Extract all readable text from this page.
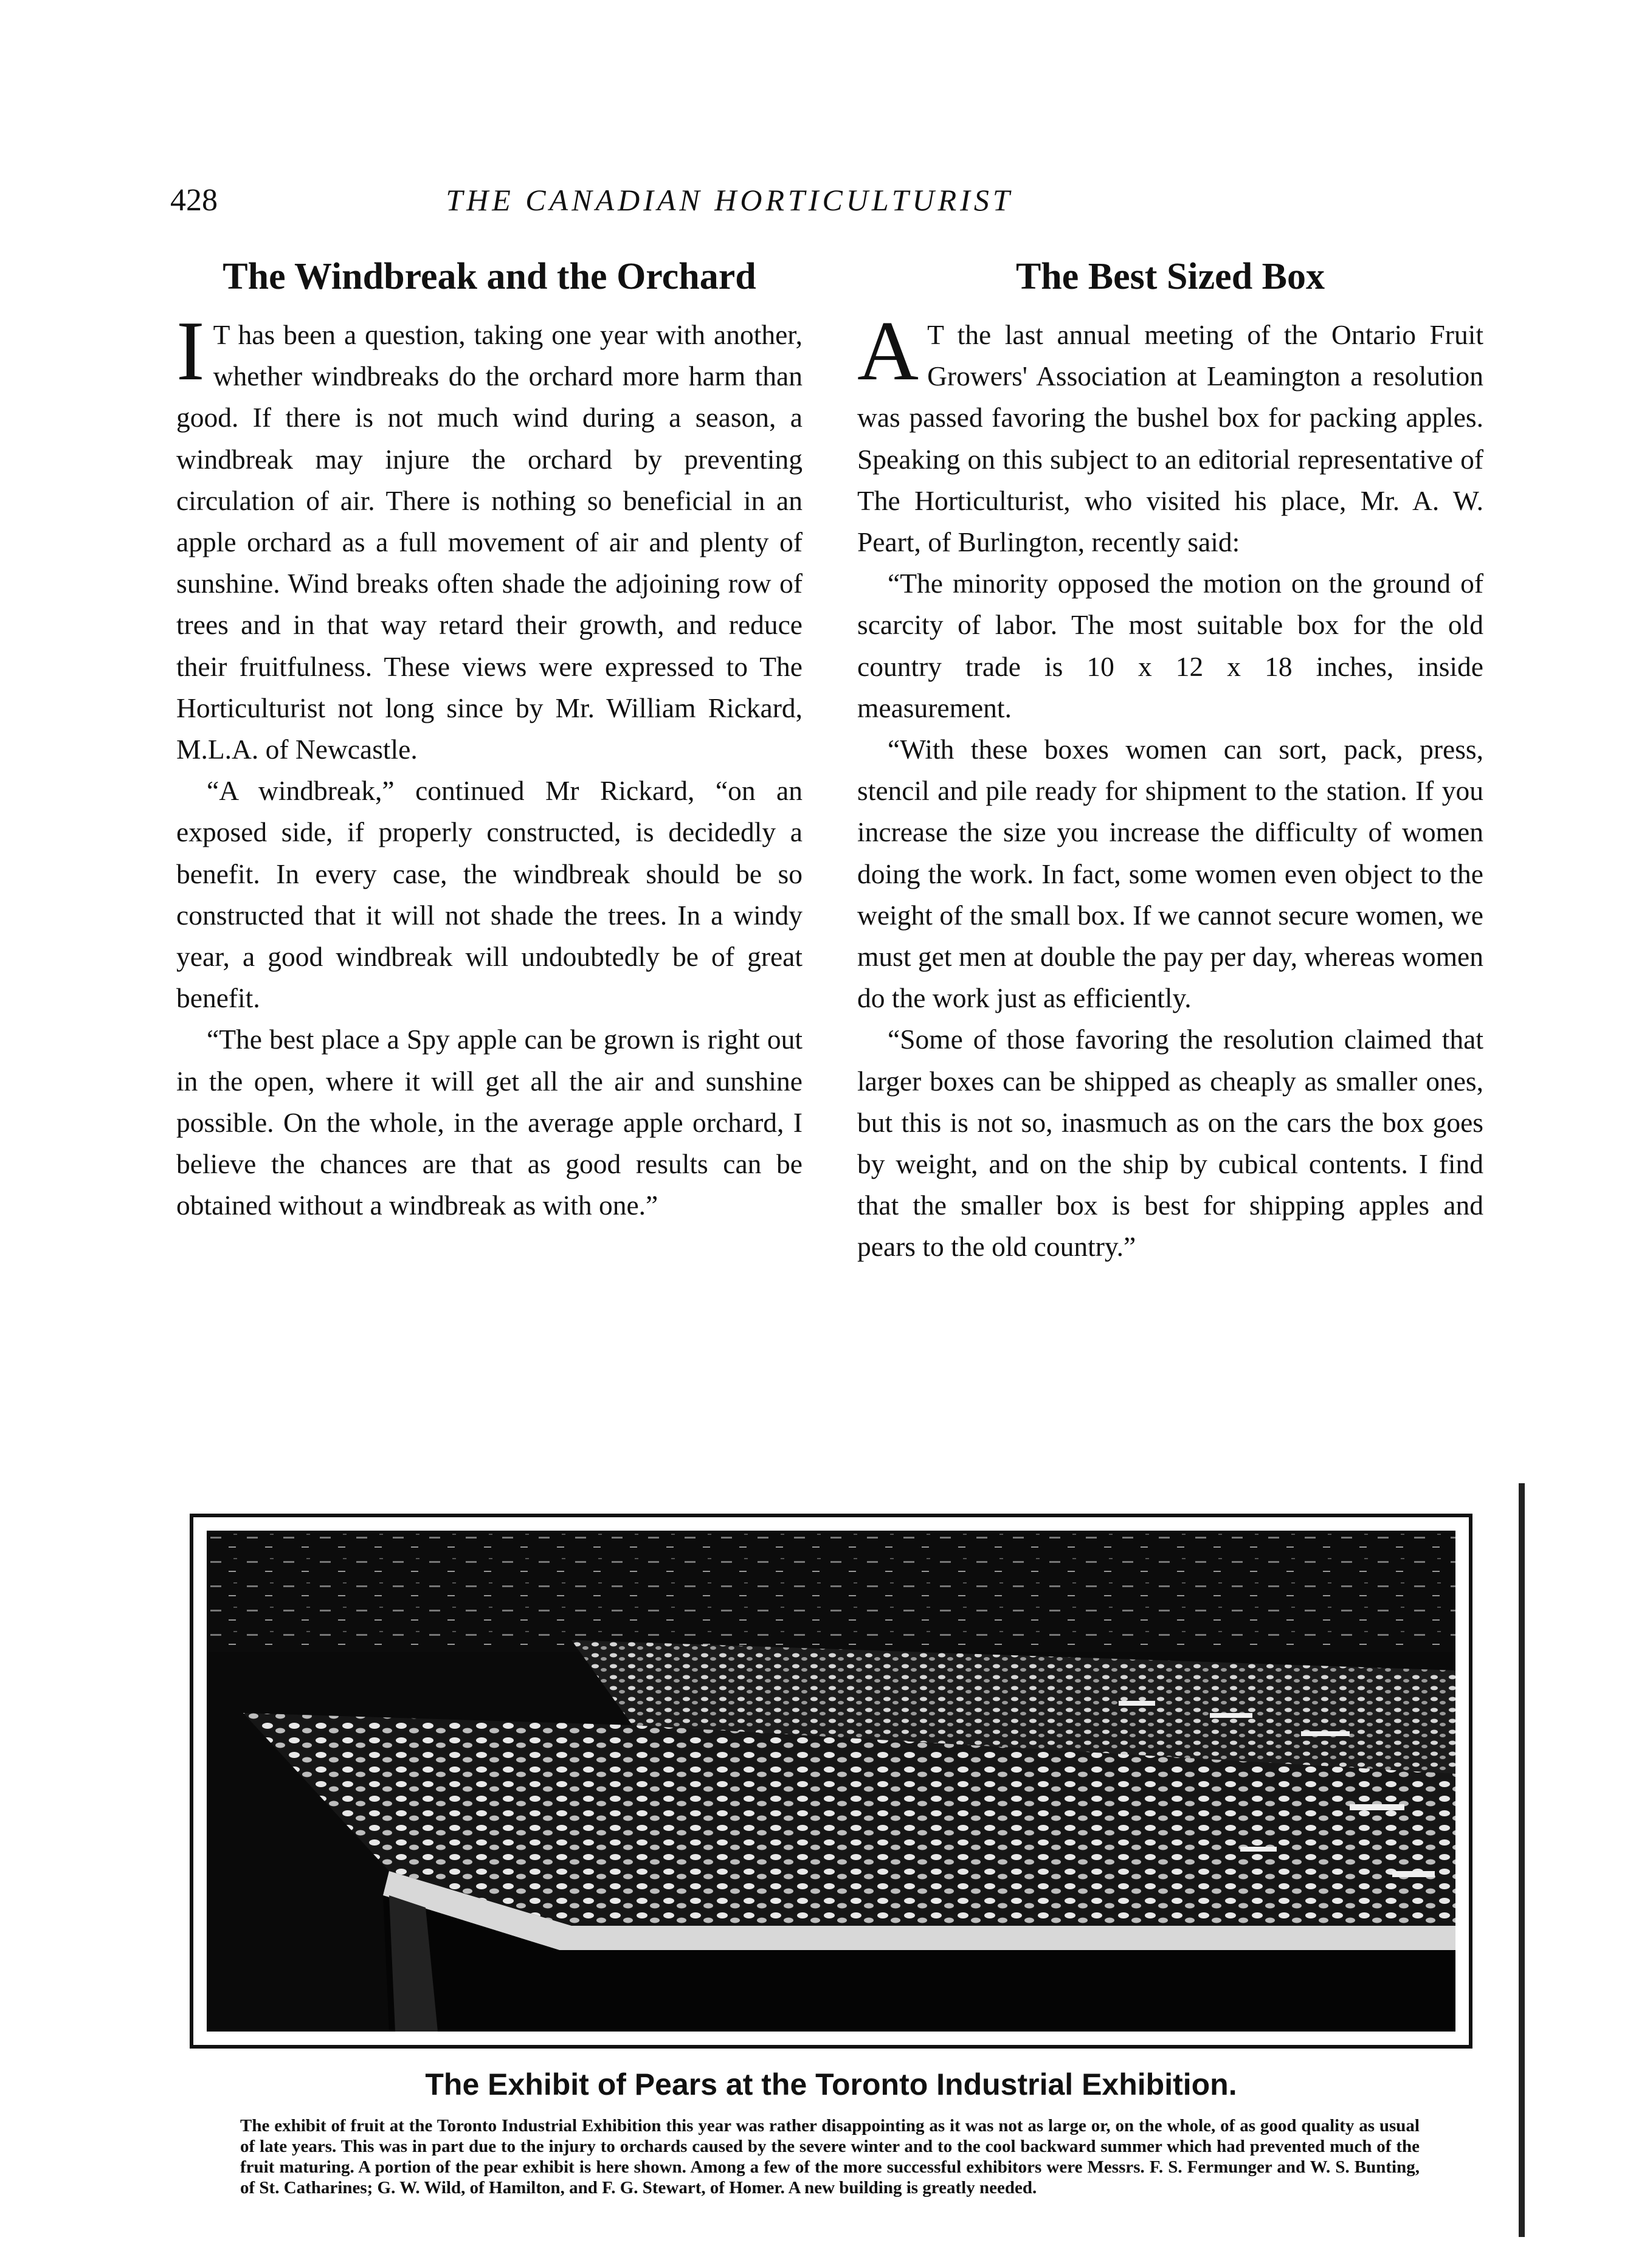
428	THE CANADIAN HORTICULTURIST
The Windbreak and the Orchard

I T has been a question, taking one year with another, whether windbreaks do the orchard more harm than good. If there is not much wind during a season, a windbreak may injure the orchard by preventing circulation of air. There is nothing so beneficial in an apple orchard as a full movement of air and plenty of sunshine. Wind breaks often shade the adjoining row of trees and in that way retard their growth, and reduce their fruitfulness. These views were expressed to The Horticulturist not long since by Mr. William Rickard, M.L.A. of Newcastle.

“A windbreak,” continued Mr Rickard, “on an exposed side, if properly constructed, is decidedly a benefit. In every case, the windbreak should be so constructed that it will not shade the trees. In a windy year, a good windbreak will undoubtedly be of great benefit.

“The best place a Spy apple can be grown is right out in the open, where it will get all the air and sunshine possible. On the whole, in the average apple orchard, I believe the chances are that as good results can be obtained without a windbreak as with one.”

The Best Sized Box

A T the last annual meeting of the Ontario Fruit Growers' Association at Leamington a resolution was passed favoring the bushel box for packing apples. Speaking on this subject to an editorial representative of The Horticulturist, who visited his place, Mr. A. W. Peart, of Burlington, recently said:

“The minority opposed the motion on the ground of scarcity of labor. The most suitable box for the old country trade is 10 x 12 x 18 inches, inside measurement.

“With these boxes women can sort, pack, press, stencil and pile ready for shipment to the station. If you increase the size you increase the difficulty of women doing the work. In fact, some women even object to the weight of the small box. If we cannot secure women, we must get men at double the pay per day, whereas women do the work just as efficiently.

“Some of those favoring the resolution claimed that larger boxes can be shipped as cheaply as smaller ones, but this is not so, inasmuch as on the cars the box goes by weight, and on the ship by cubical contents. I find that the smaller box is best for shipping apples and pears to the old country.”

The Exhibit of Pears at the Toronto Industrial Exhibition.
The exhibit of fruit at the Toronto Industrial Exhibition this year was rather disappointing as it was not as large or, on the whole, of as good quality as usual of late years. This was in part due to the injury to orchards caused by the severe winter and to the cool backward summer which had prevented much of the fruit maturing. A portion of the pear exhibit is here shown. Among a few of the more successful exhibitors were Messrs. F. S. Fermunger and W. S. Bunting, of St. Catharines; G. W. Wild, of Hamilton, and F. G. Stewart, of Homer. A new building is greatly needed.
